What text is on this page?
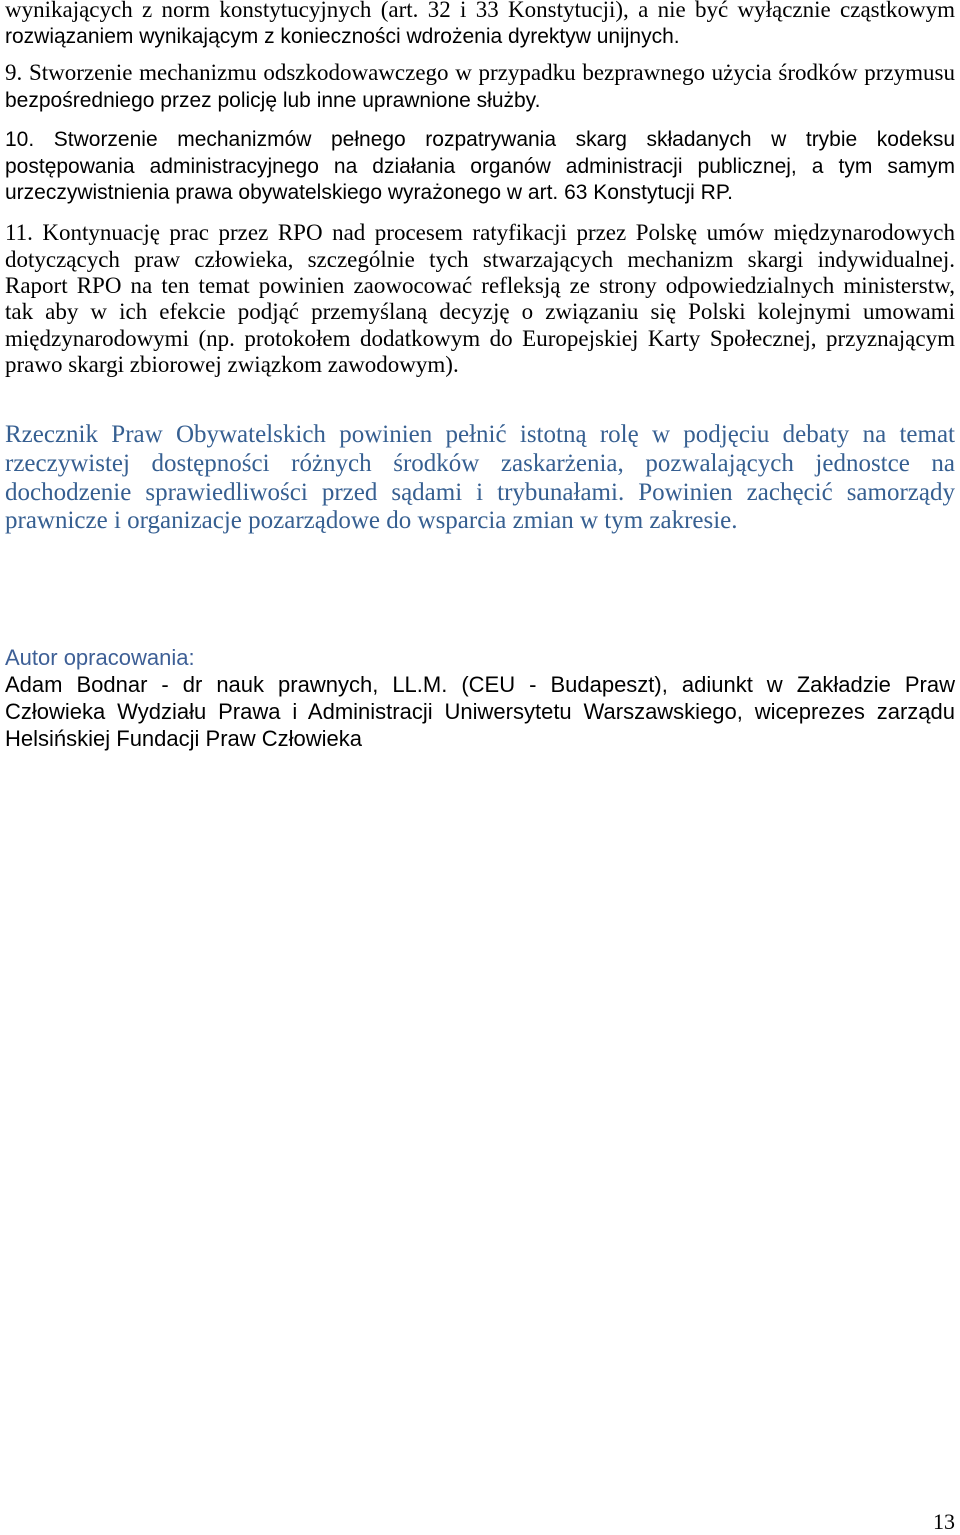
wynikających z norm konstytucyjnych (art. 32 i 33 Konstytucji), a nie być wyłącznie cząstkowym
rozwiązaniem wynikającym z konieczności wdrożenia dyrektyw unijnych.
9. Stworzenie mechanizmu odszkodowawczego w przypadku bezprawnego użycia środków przymusu
bezpośredniego przez policję lub inne uprawnione służby.
10. Stworzenie mechanizmów pełnego rozpatrywania skarg składanych w trybie kodeksu
postępowania administracyjnego na działania organów administracji publicznej, a tym samym
urzeczywistnienia prawa obywatelskiego wyrażonego w art. 63 Konstytucji RP.
11. Kontynuację prac przez RPO nad procesem ratyfikacji przez Polskę umów międzynarodowych
dotyczących praw człowieka, szczególnie tych stwarzających mechanizm skargi indywidualnej.
Raport RPO na ten temat powinien zaowocować refleksją ze strony odpowiedzialnych ministerstw,
tak aby w ich efekcie podjąć przemyślaną decyzję o związaniu się Polski kolejnymi umowami
międzynarodowymi (np. protokołem dodatkowym do Europejskiej Karty Społecznej, przyznającym
prawo skargi zbiorowej związkom zawodowym).
Rzecznik Praw Obywatelskich powinien pełnić istotną rolę w podjęciu debaty na temat
rzeczywistej dostępności różnych środków zaskarżenia, pozwalających jednostce na
dochodzenie sprawiedliwości przed sądami i trybunałami. Powinien zachęcić samorządy
prawnicze i organizacje pozarządowe do wsparcia zmian w tym zakresie.
Autor opracowania:
Adam Bodnar - dr nauk prawnych, LL.M. (CEU - Budapeszt), adiunkt w Zakładzie Praw
Człowieka Wydziału Prawa i Administracji Uniwersytetu Warszawskiego, wiceprezes zarządu
Helsińskiej Fundacji Praw Człowieka
13
